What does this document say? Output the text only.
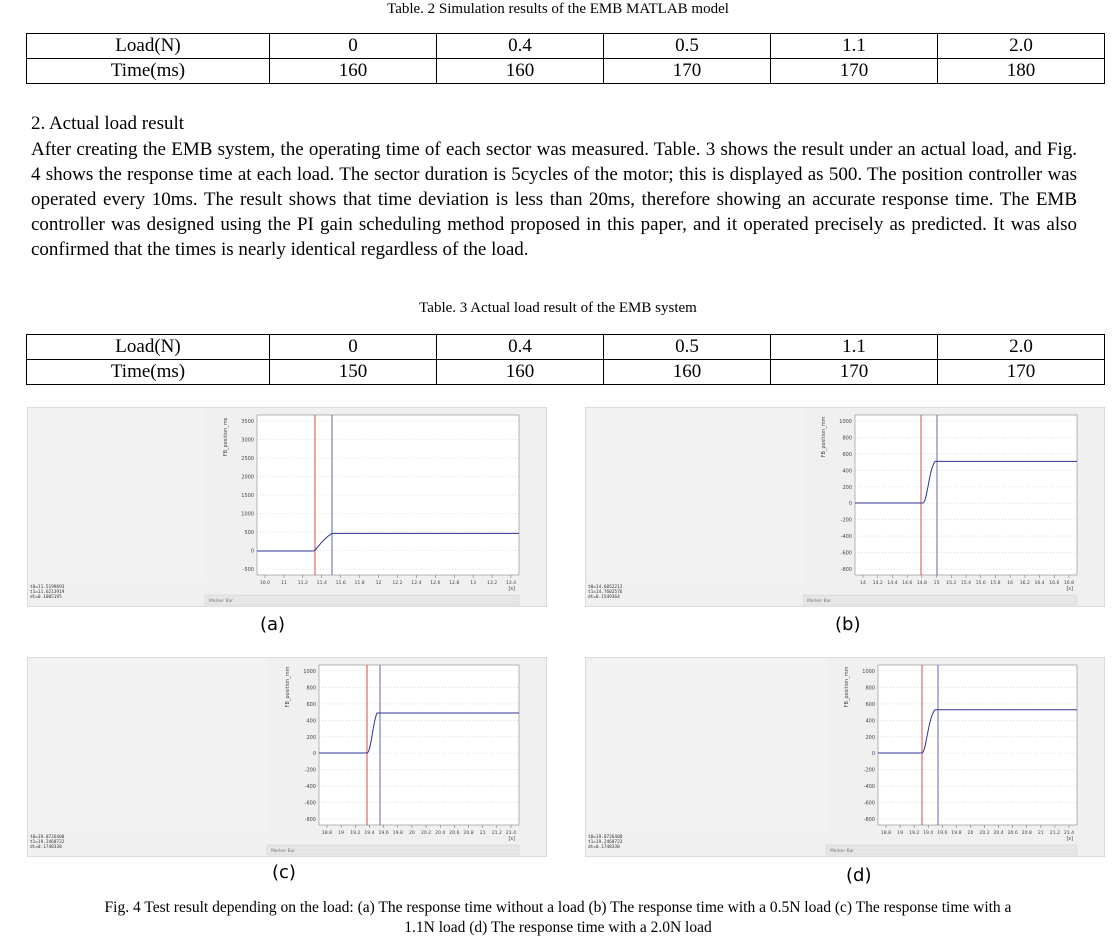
Table. 2 Simulation results of the EMB MATLAB model
Load(N)	0	0.4	0.5	1.1	2.0
Time(ms)	160	160	170	170	180
2. Actual load result
After creating the EMB system, the operating time of each sector was measured. Table. 3 shows the result under an actual load, and Fig. 4 shows the response time at each load. The sector duration is 5cycles of the motor; this is displayed as 500. The position controller was operated every 10ms. The result shows that time deviation is less than 20ms, therefore showing an accurate response time. The EMB controller was designed using the PI gain scheduling method proposed in this paper, and it operated precisely as predicted. It was also confirmed that the times is nearly identical regardless of the load.
Table. 3 Actual load result of the EMB system
Load(N)	0	0.4	0.5	1.1	2.0
Time(ms)	150	160	160	170	170
3500
3000
2500
2000
1500
1000
500
0
-500
10.0 11 11.2 11.4 11.6 11.8 12 12.2 12.4 12.6 12.8 13 13.2 13.4
[s]
FB_position_ms
t0=11.5199893
t1=11.6213919
dt=0.1005195
Marker Bar
1000
800
600
400
200
0
-200
-400
-600
-800
14 14.2 14.4 14.6 14.8 15 15.2 15.4 15.6 15.8 16 16.2 16.4 16.6 16.8
[s]
FB_position_mm
t0=14.6052212
t1=14.7602576
dt=0.1549364
Marker Bar
1000
800
600
400
200
0
-200
-400
-600
-800
18.8 19 19.2 19.4 19.6 19.8 20 20.2 20.4 20.6 20.8 21 21.2 21.4
[s]
FB_position_mm
t0=19.0726400
t1=19.2468722
dt=0.1748330
Marker Bar
1000
800
600
400
200
0
-200
-400
-600
-800
18.8 19 19.2 19.4 19.6 19.8 20 20.2 20.4 20.6 20.8 21 21.2 21.4
[s]
FB_position_mm
t0=19.0726400
t1=19.2468723
dt=0.1748330
Marker Bar
(a)	(b)
(c)	(d)
Fig. 4 Test result depending on the load: (a) The response time without a load (b) The response time with a 0.5N load (c) The response time with a
1.1N load (d) The response time with a 2.0N load
